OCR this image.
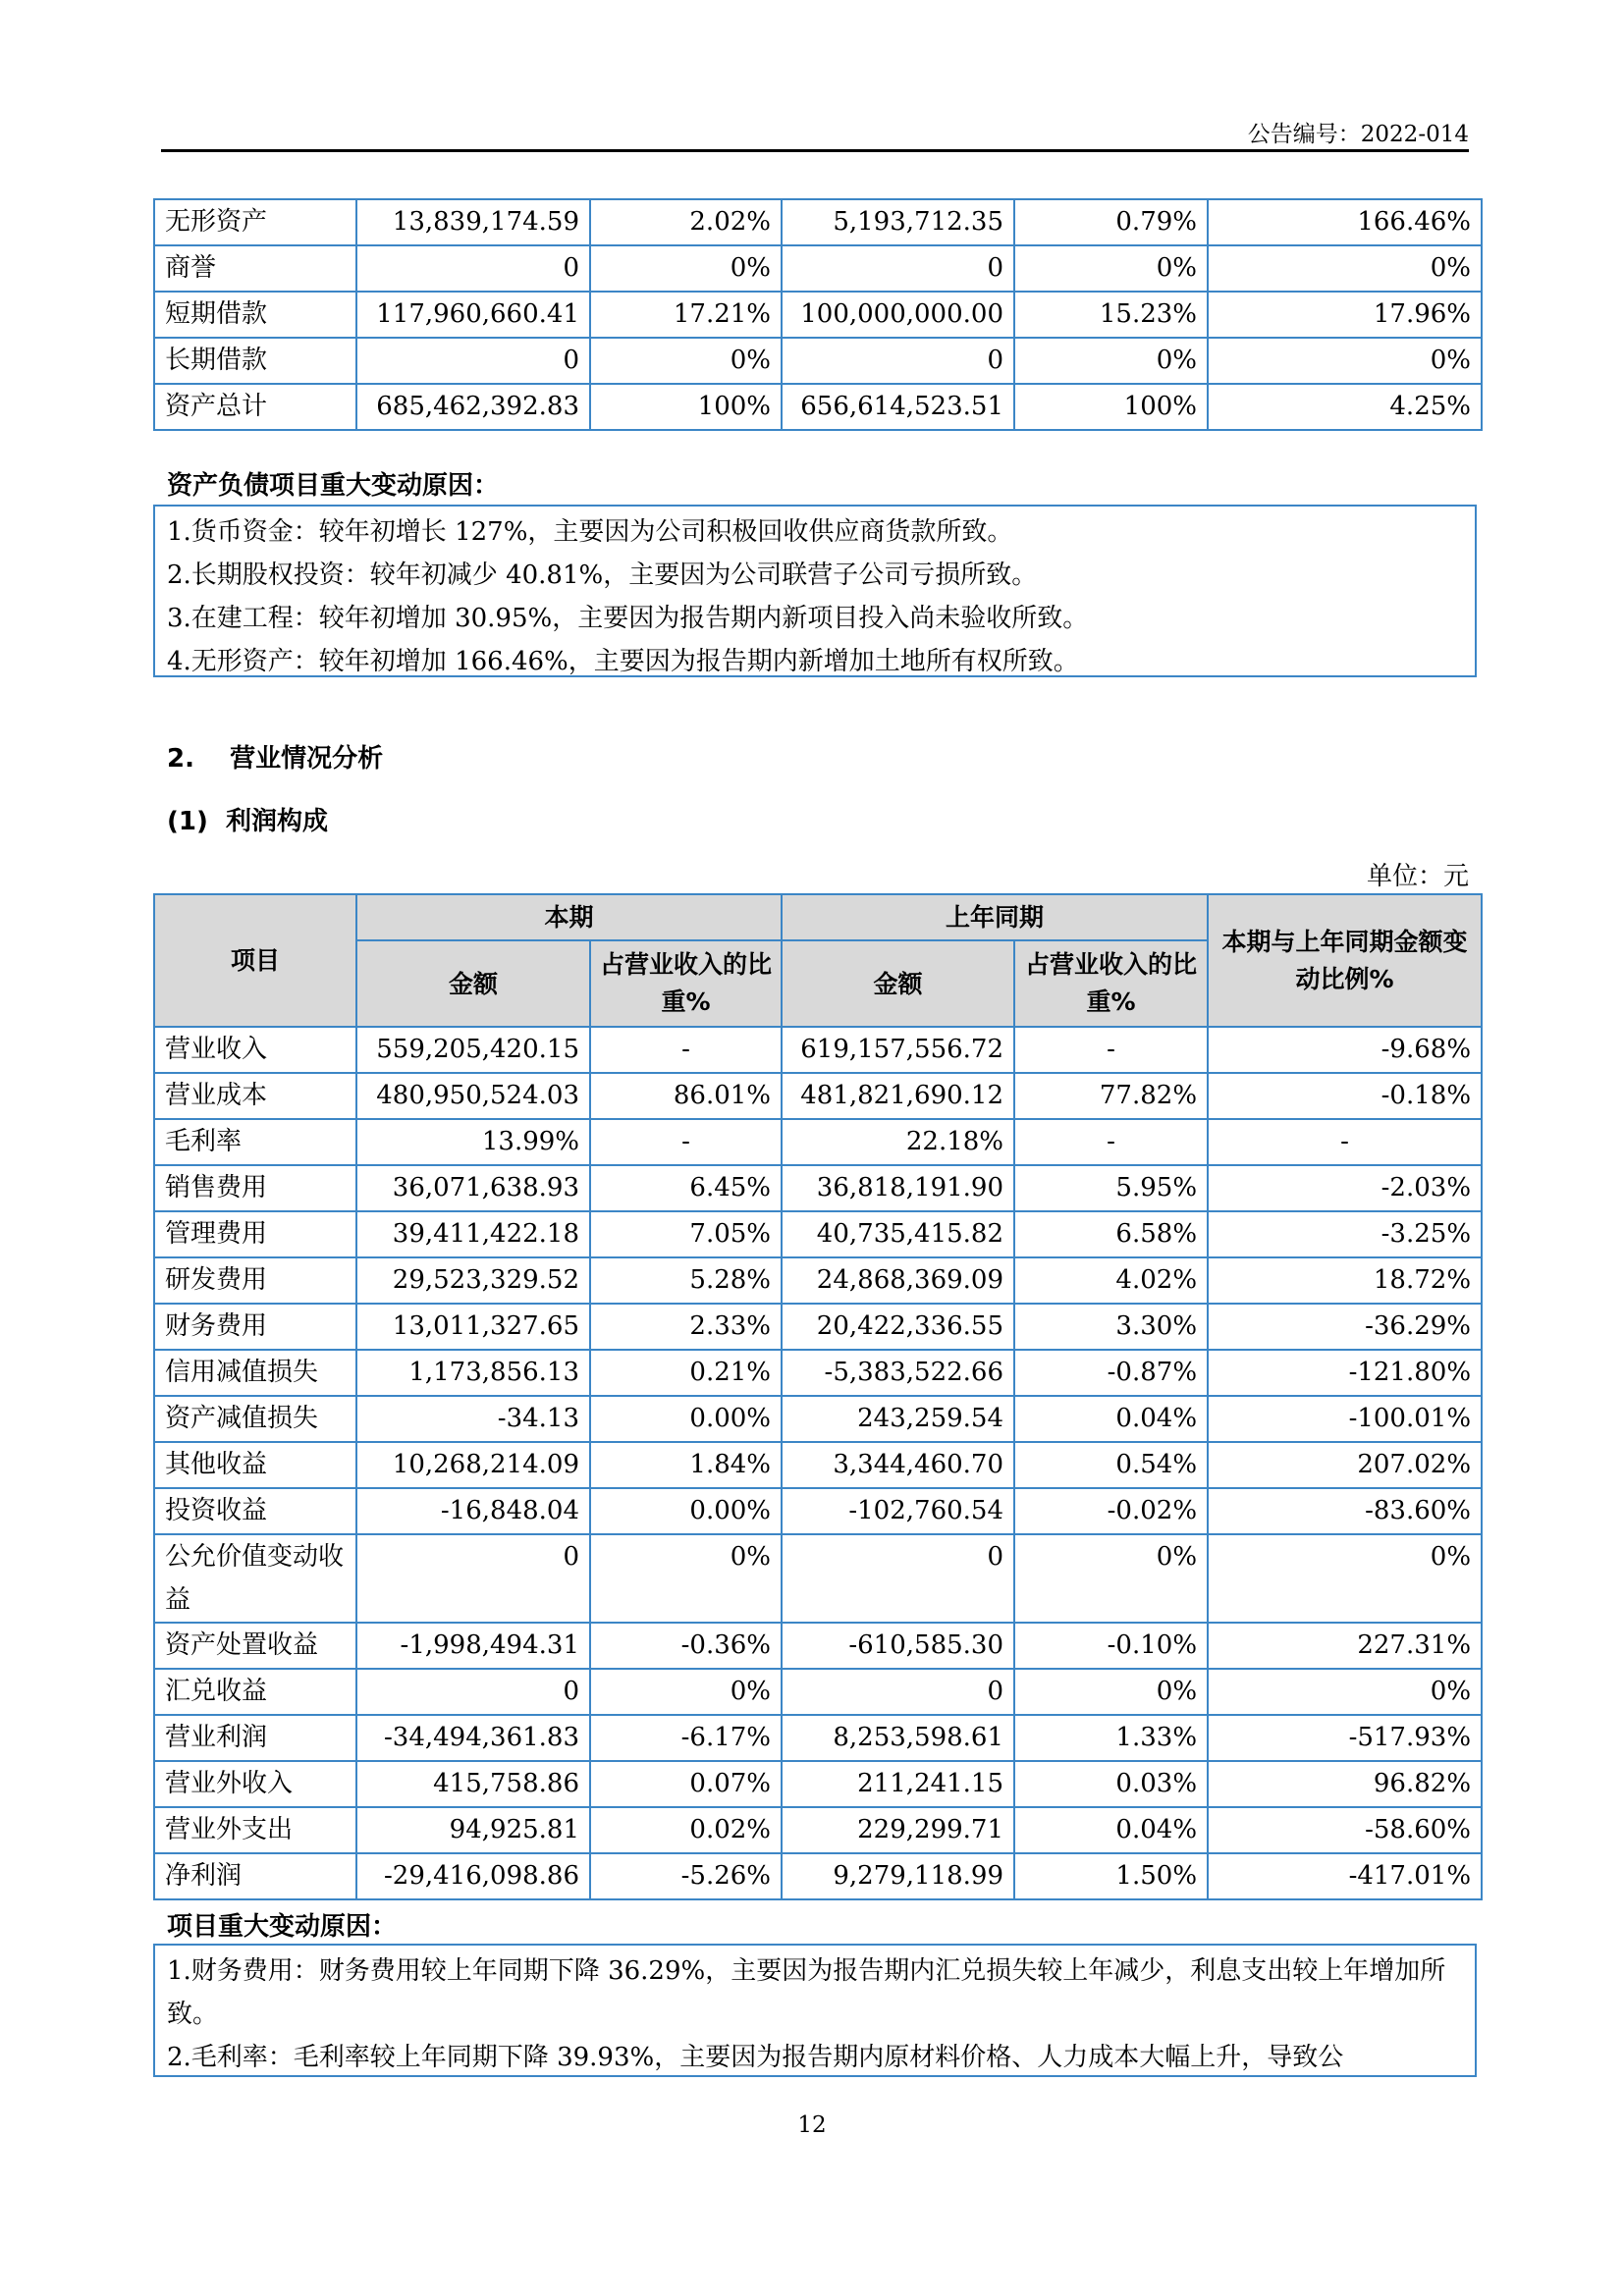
公告编号：2022-014
无形资产	13,839,174.59	2.02%	5,193,712.35	0.79%	166.46%
商誉	0	0%	0	0%	0%
短期借款	117,960,660.41	17.21%	100,000,000.00	15.23%	17.96%
长期借款	0	0%	0	0%	0%
资产总计	685,462,392.83	100%	656,614,523.51	100%	4.25%
资产负债项目重大变动原因：

1.货币资金：较年初增长 127%，主要因为公司积极回收供应商货款所致。

2.长期股权投资：较年初减少 40.81%，主要因为公司联营子公司亏损所致。

3.在建工程：较年初增加 30.95%，主要因为报告期内新项目投入尚未验收所致。

4.无形资产：较年初增加 166.46%，主要因为报告期内新增加土地所有权所致。

2.    营业情况分析
(1)  利润构成
单位：元
项目	本期		上年同期		本期与上年同期金额变动比例%
	金额	占营业收入的比重%	金额	占营业收入的比重%	
营业收入	559,205,420.15	-	619,157,556.72	-	-9.68%
营业成本	480,950,524.03	86.01%	481,821,690.12	77.82%	-0.18%
毛利率	13.99%	-	22.18%	-	-
销售费用	36,071,638.93	6.45%	36,818,191.90	5.95%	-2.03%
管理费用	39,411,422.18	7.05%	40,735,415.82	6.58%	-3.25%
研发费用	29,523,329.52	5.28%	24,868,369.09	4.02%	18.72%
财务费用	13,011,327.65	2.33%	20,422,336.55	3.30%	-36.29%
信用减值损失	1,173,856.13	0.21%	-5,383,522.66	-0.87%	-121.80%
资产减值损失	-34.13	0.00%	243,259.54	0.04%	-100.01%
其他收益	10,268,214.09	1.84%	3,344,460.70	0.54%	207.02%
投资收益	-16,848.04	0.00%	-102,760.54	-0.02%	-83.60%
公允价值变动收益	0	0%	0	0%	0%
资产处置收益	-1,998,494.31	-0.36%	-610,585.30	-0.10%	227.31%
汇兑收益	0	0%	0	0%	0%
营业利润	-34,494,361.83	-6.17%	8,253,598.61	1.33%	-517.93%
营业外收入	415,758.86	0.07%	211,241.15	0.03%	96.82%
营业外支出	94,925.81	0.02%	229,299.71	0.04%	-58.60%
净利润	-29,416,098.86	-5.26%	9,279,118.99	1.50%	-417.01%
项目重大变动原因：

1.财务费用：财务费用较上年同期下降 36.29%，主要因为报告期内汇兑损失较上年减少，利息支出较上年增加所致。

2.毛利率：毛利率较上年同期下降 39.93%，主要因为报告期内原材料价格、人力成本大幅上升，导致公

12
